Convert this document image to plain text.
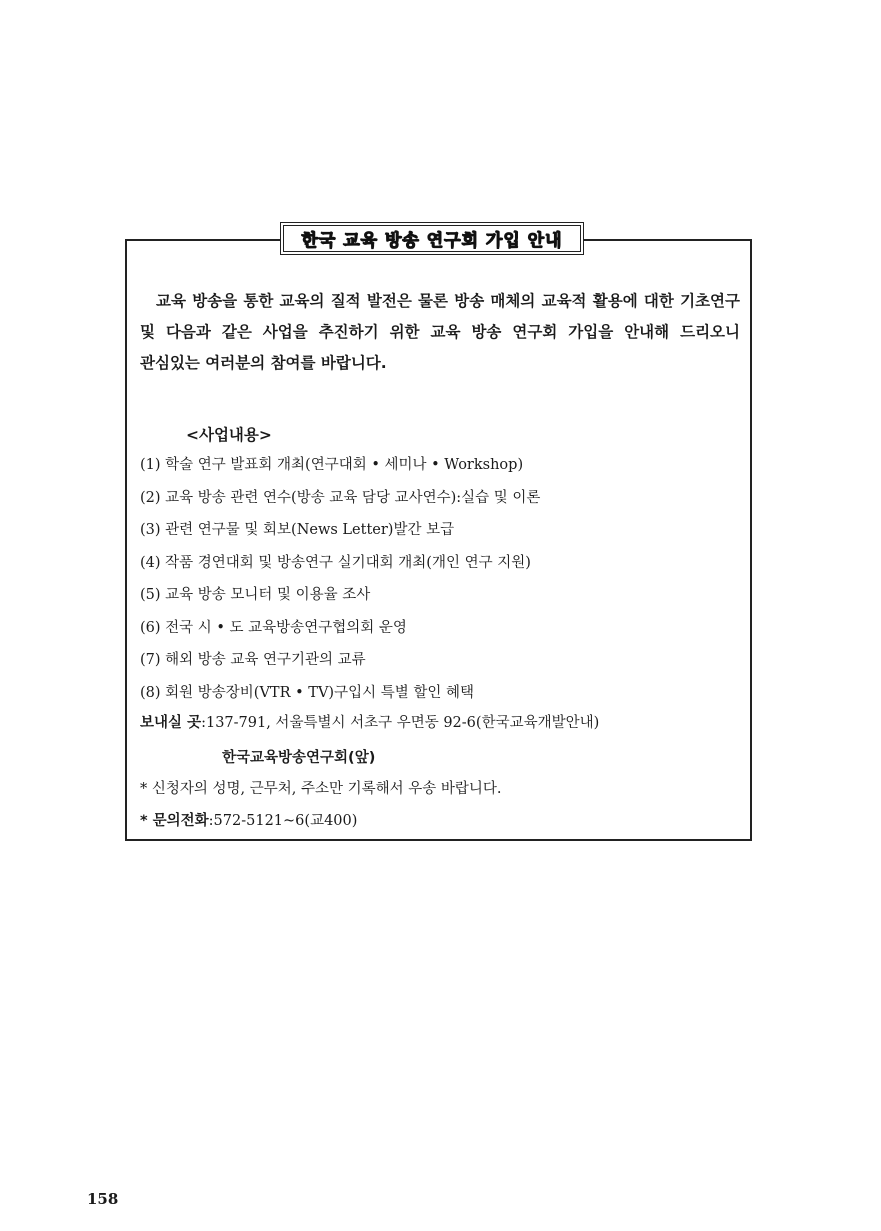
한국 교육 방송 연구회 가입 안내

교육 방송을 통한 교육의 질적 발전은 물론 방송 매체의 교육적 활용에 대한 기초연구 및 다음과 같은 사업을 추진하기 위한 교육 방송 연구회 가입을 안내해 드리오니 관심있는 여러분의 참여를 바랍니다.

<사업내용>

(1) 학술 연구 발표회 개최(연구대회 • 세미나 • Workshop)
(2) 교육 방송 관련 연수(방송 교육 담당 교사연수):실습 및 이론
(3) 관련 연구물 및 회보(News Letter)발간 보급
(4) 작품 경연대회 및 방송연구 실기대회 개최(개인 연구 지원)
(5) 교육 방송 모니터 및 이용율 조사
(6) 전국 시 • 도 교육방송연구협의회 운영
(7) 해외 방송 교육 연구기관의 교류
(8) 회원 방송장비(VTR • TV)구입시 특별 할인 혜택

보내실 곳:137-791, 서울특별시 서초구 우면동 92-6(한국교육개발안내)

한국교육방송연구회(앞)

* 신청자의 성명, 근무처, 주소만 기록해서 우송 바랍니다.

* 문의전화:572-5121~6(교400)

158
